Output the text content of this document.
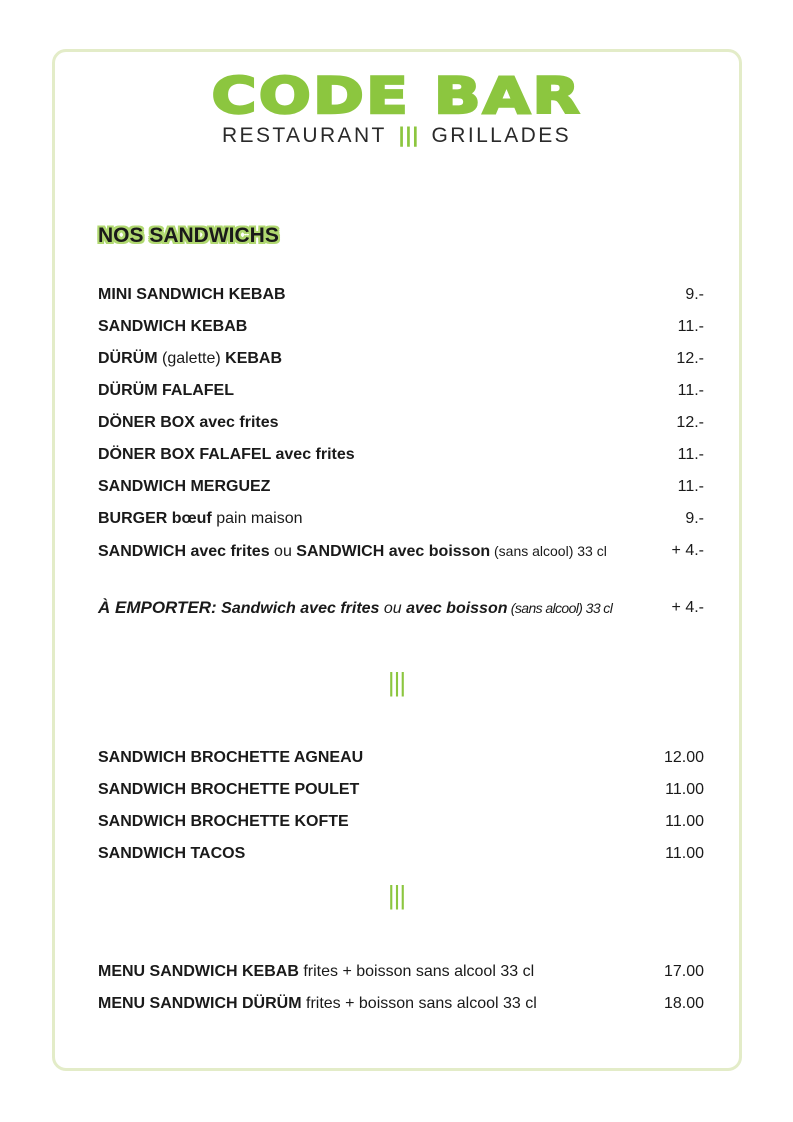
CODE BAR
RESTAURANT ||| GRILLADES
NOS SANDWICHS
MINI SANDWICH KEBAB	9.-
SANDWICH KEBAB	11.-
DÜRÜM (galette) KEBAB	12.-
DÜRÜM FALAFEL	11.-
DÖNER BOX avec frites	12.-
DÖNER BOX FALAFEL avec frites	11.-
SANDWICH MERGUEZ	11.-
BURGER bœuf pain maison	9.-
SANDWICH avec frites ou SANDWICH avec boisson (sans alcool) 33 cl	+ 4.-
À EMPORTER: Sandwich avec frites ou avec boisson (sans alcool) 33 cl	+ 4.-
|||
SANDWICH BROCHETTE AGNEAU	12.00
SANDWICH BROCHETTE POULET	11.00
SANDWICH BROCHETTE KOFTE	11.00
SANDWICH TACOS	11.00
|||
MENU SANDWICH KEBAB frites + boisson sans alcool 33 cl	17.00
MENU SANDWICH DÜRÜM frites + boisson sans alcool 33 cl	18.00
